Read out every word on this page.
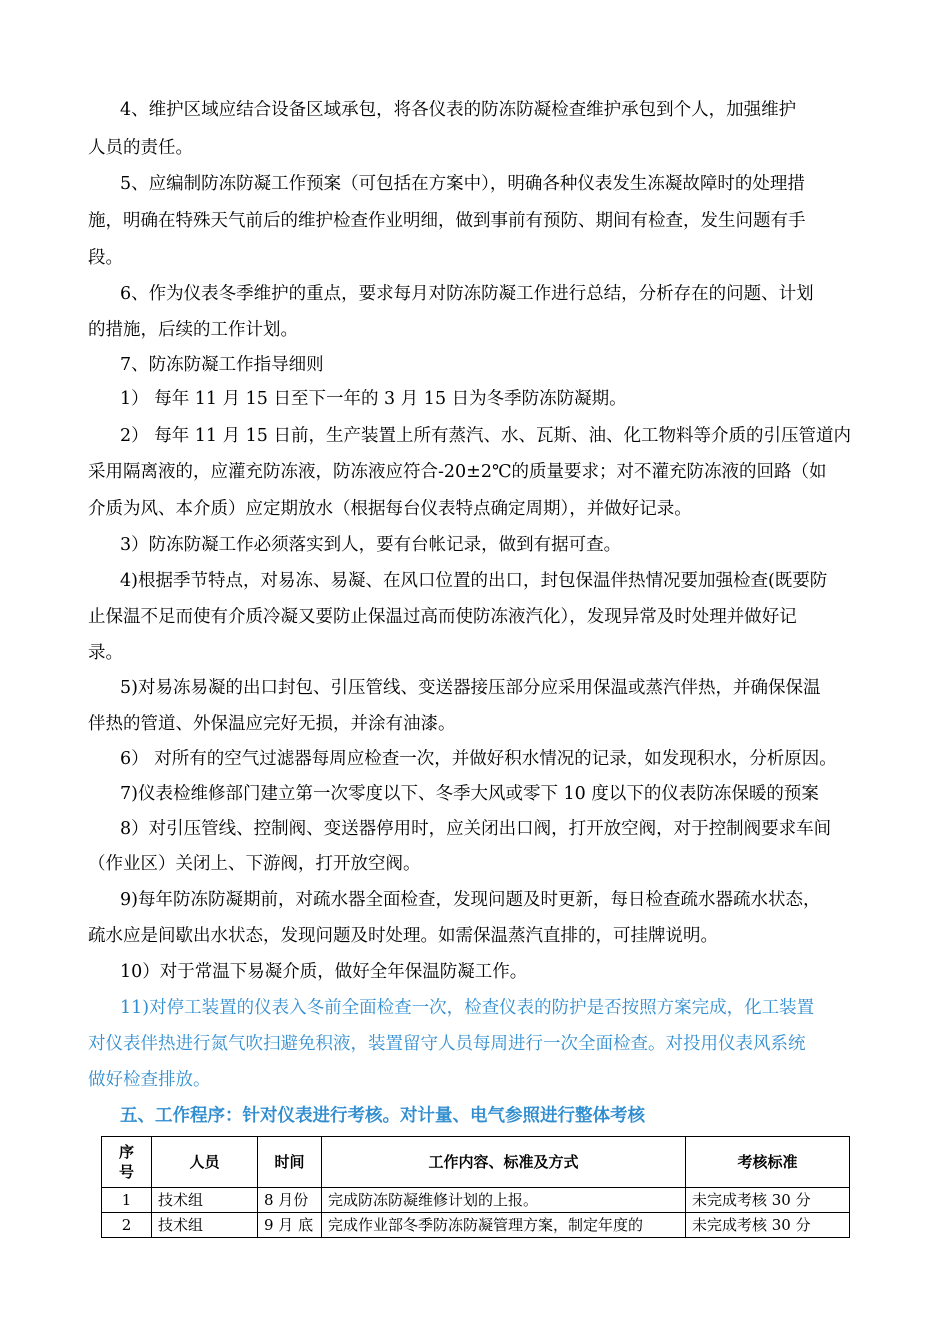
4、维护区域应结合设备区域承包，将各仪表的防冻防凝检查维护承包到个人，加强维护
人员的责任。
5、应编制防冻防凝工作预案（可包括在方案中），明确各种仪表发生冻凝故障时的处理措
施，明确在特殊天气前后的维护检查作业明细，做到事前有预防、期间有检查，发生问题有手
段。
6、作为仪表冬季维护的重点，要求每月对防冻防凝工作进行总结，分析存在的问题、计划
的措施，后续的工作计划。
7、防冻防凝工作指导细则
1） 每年 11 月 15 日至下一年的 3 月 15 日为冬季防冻防凝期。
2） 每年 11 月 15 日前，生产装置上所有蒸汽、水、瓦斯、油、化工物料等介质的引压管道内
采用隔离液的，应灌充防冻液，防冻液应符合-20±2℃的质量要求；对不灌充防冻液的回路（如
介质为风、本介质）应定期放水（根据每台仪表特点确定周期），并做好记录。
3）防冻防凝工作必须落实到人，要有台帐记录，做到有据可查。
4)根据季节特点，对易冻、易凝、在风口位置的出口，封包保温伴热情况要加强检查(既要防
止保温不足而使有介质冷凝又要防止保温过高而使防冻液汽化），发现异常及时处理并做好记
录。
5)对易冻易凝的出口封包、引压管线、变送器接压部分应采用保温或蒸汽伴热，并确保保温
伴热的管道、外保温应完好无损，并涂有油漆。
6） 对所有的空气过滤器每周应检查一次，并做好积水情况的记录，如发现积水，分析原因。
7)仪表检维修部门建立第一次零度以下、冬季大风或零下 10 度以下的仪表防冻保暖的预案
8）对引压管线、控制阀、变送器停用时，应关闭出口阀，打开放空阀，对于控制阀要求车间
（作业区）关闭上、下游阀，打开放空阀。
9)每年防冻防凝期前，对疏水器全面检查，发现问题及时更新，每日检查疏水器疏水状态，
疏水应是间歇出水状态，发现问题及时处理。如需保温蒸汽直排的，可挂牌说明。
10）对于常温下易凝介质，做好全年保温防凝工作。
11)对停工装置的仪表入冬前全面检查一次，检查仪表的防护是否按照方案完成，化工装置
对仪表伴热进行氮气吹扫避免积液，装置留守人员每周进行一次全面检查。对投用仪表风系统
做好检查排放。
五、工作程序：针对仪表进行考核。对计量、电气参照进行整体考核
序号	人员	时间	工作内容、标准及方式	考核标准
1	技术组	8 月份	完成防冻防凝维修计划的上报。	未完成考核 30 分
2	技术组	9 月 底	完成作业部冬季防冻防凝管理方案，制定年度的	未完成考核 30 分
